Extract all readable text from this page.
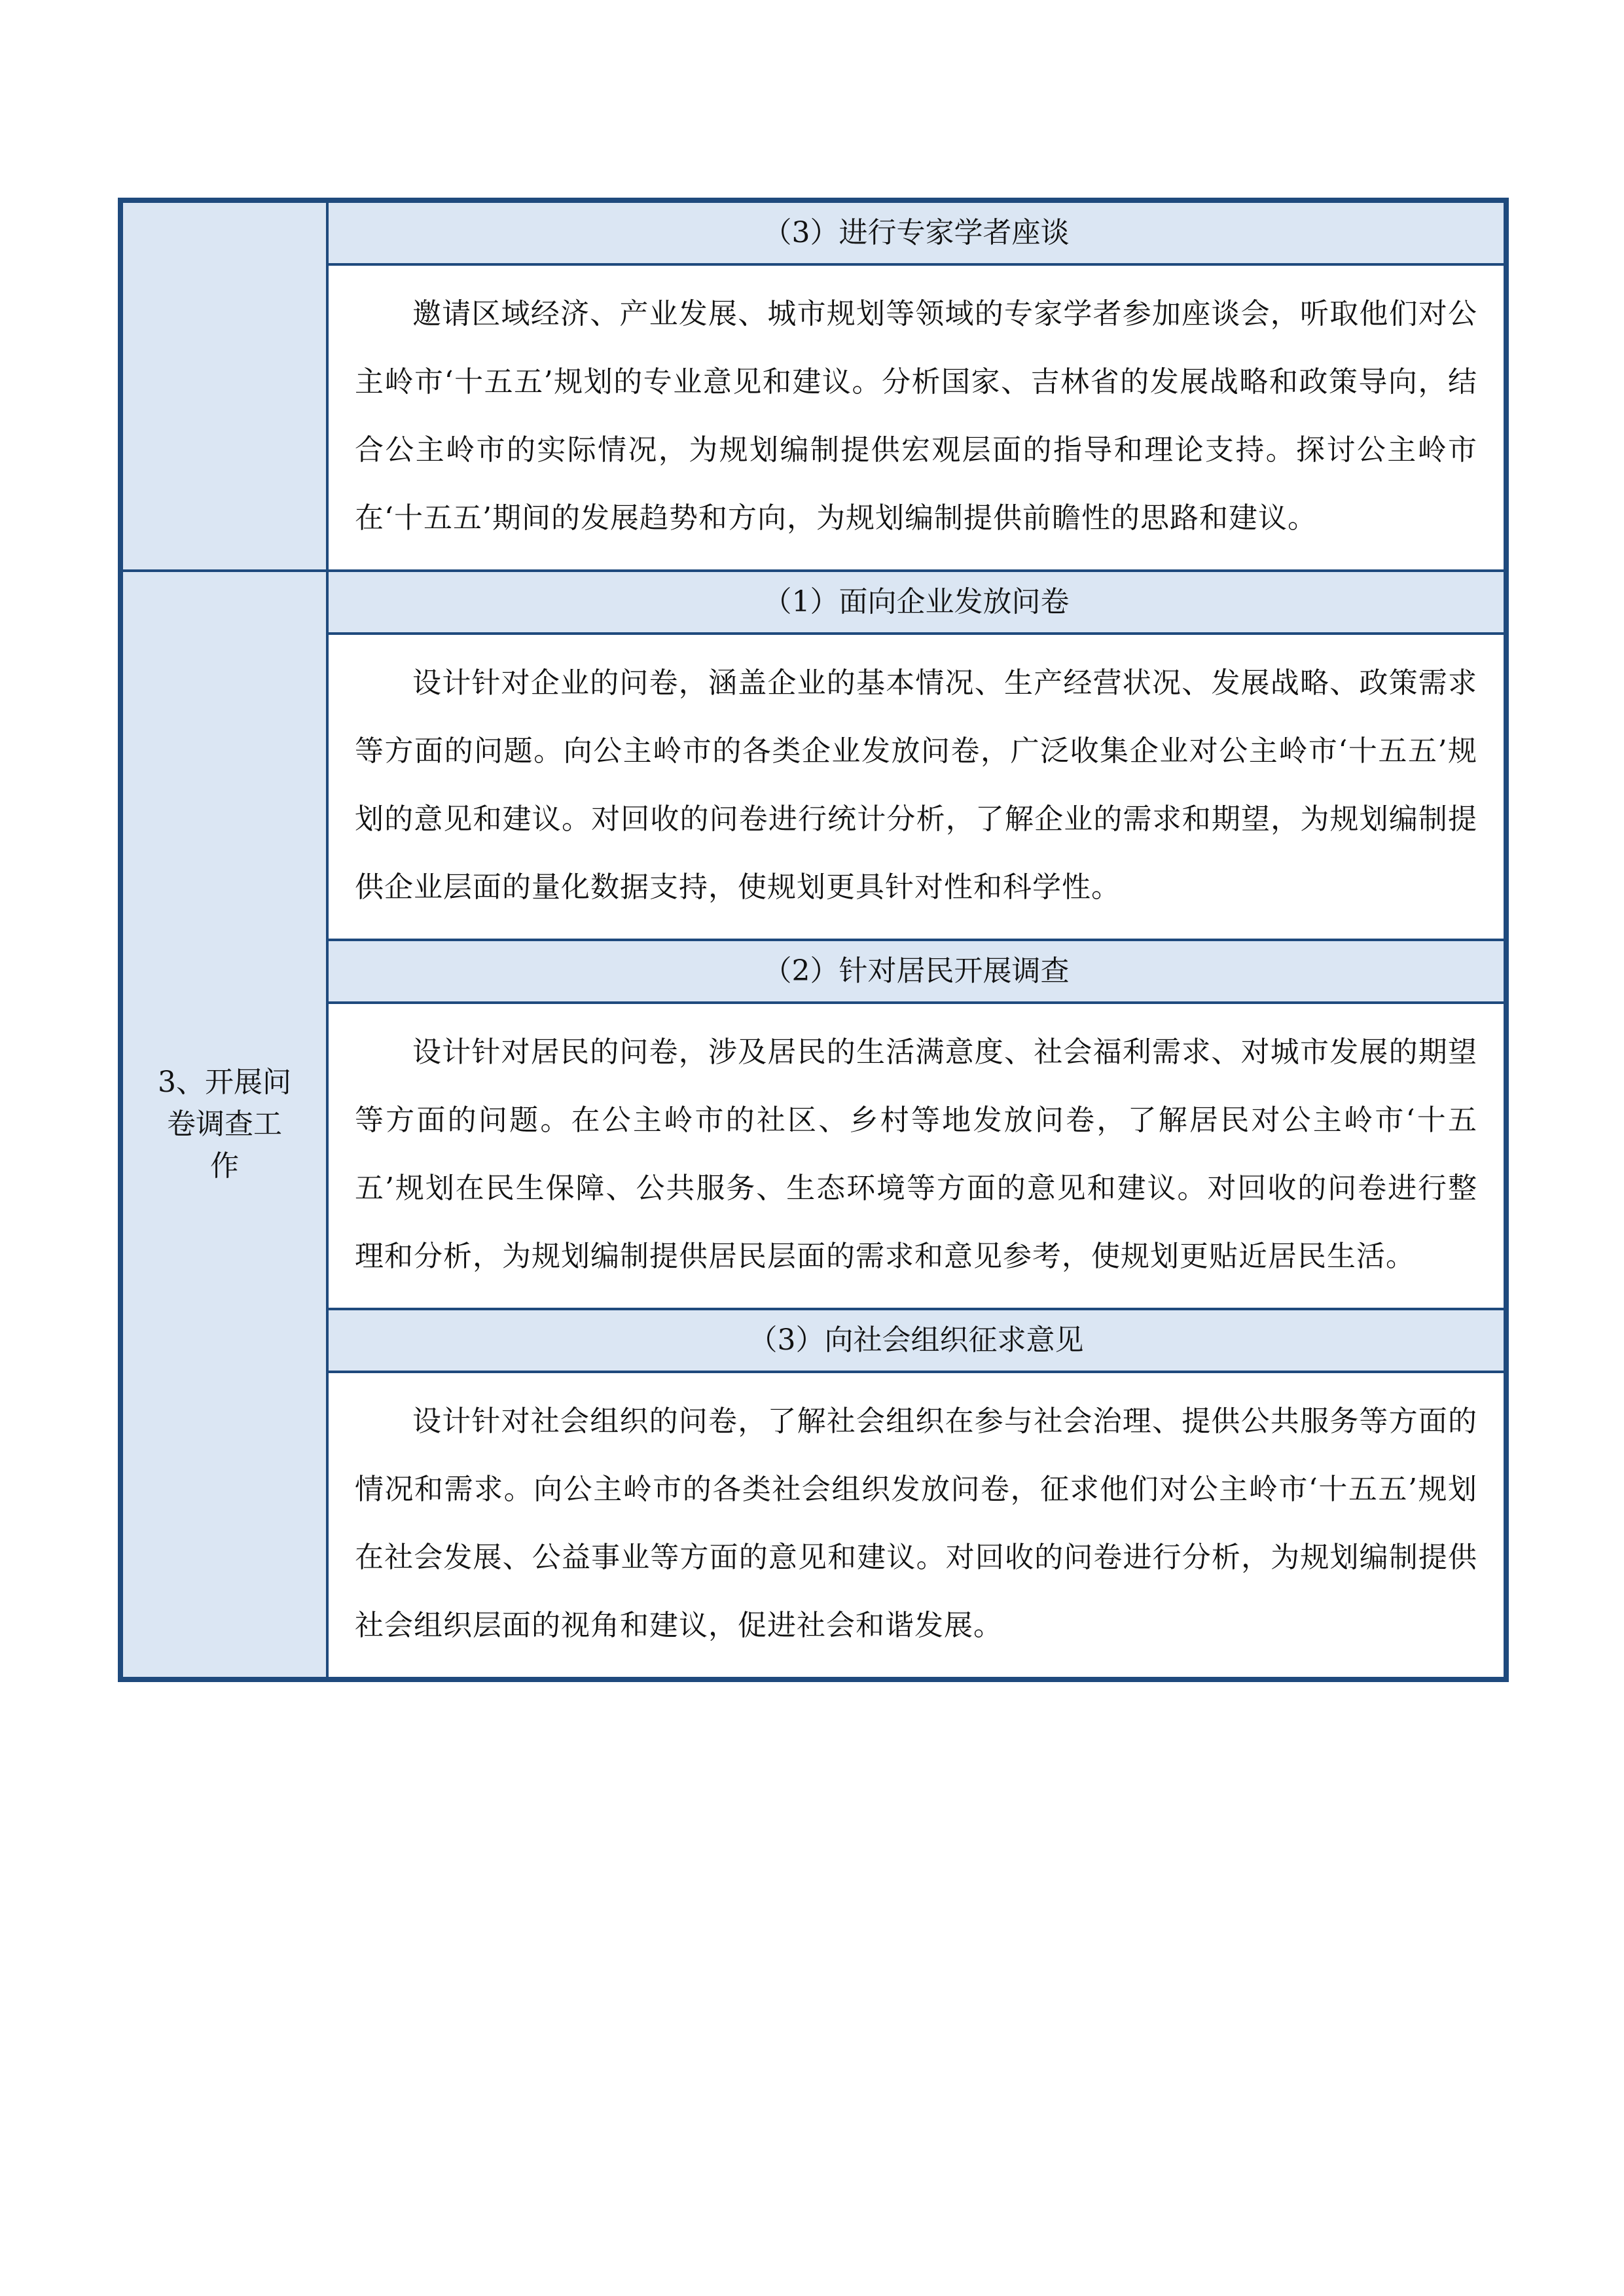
	（3）进行专家学者座谈

	邀请区域经济、产业发展、城市规划等领域的专家学者参加座谈会，听取他们对公主岭市‘十五五’规划的专业意见和建议。分析国家、吉林省的发展战略和政策导向，结合公主岭市的实际情况，为规划编制提供宏观层面的指导和理论支持。探讨公主岭市在‘十五五’期间的发展趋势和方向，为规划编制提供前瞻性的思路和建议。

3、开展问卷调查工作	（1）面向企业发放问卷

	设计针对企业的问卷，涵盖企业的基本情况、生产经营状况、发展战略、政策需求等方面的问题。向公主岭市的各类企业发放问卷，广泛收集企业对公主岭市‘十五五’规划的意见和建议。对回收的问卷进行统计分析，了解企业的需求和期望，为规划编制提供企业层面的量化数据支持，使规划更具针对性和科学性。

	（2）针对居民开展调查

	设计针对居民的问卷，涉及居民的生活满意度、社会福利需求、对城市发展的期望等方面的问题。在公主岭市的社区、乡村等地发放问卷，了解居民对公主岭市‘十五五’规划在民生保障、公共服务、生态环境等方面的意见和建议。对回收的问卷进行整理和分析，为规划编制提供居民层面的需求和意见参考，使规划更贴近居民生活。

	（3）向社会组织征求意见

	设计针对社会组织的问卷，了解社会组织在参与社会治理、提供公共服务等方面的情况和需求。向公主岭市的各类社会组织发放问卷，征求他们对公主岭市‘十五五’规划在社会发展、公益事业等方面的意见和建议。对回收的问卷进行分析，为规划编制提供社会组织层面的视角和建议，促进社会和谐发展。
